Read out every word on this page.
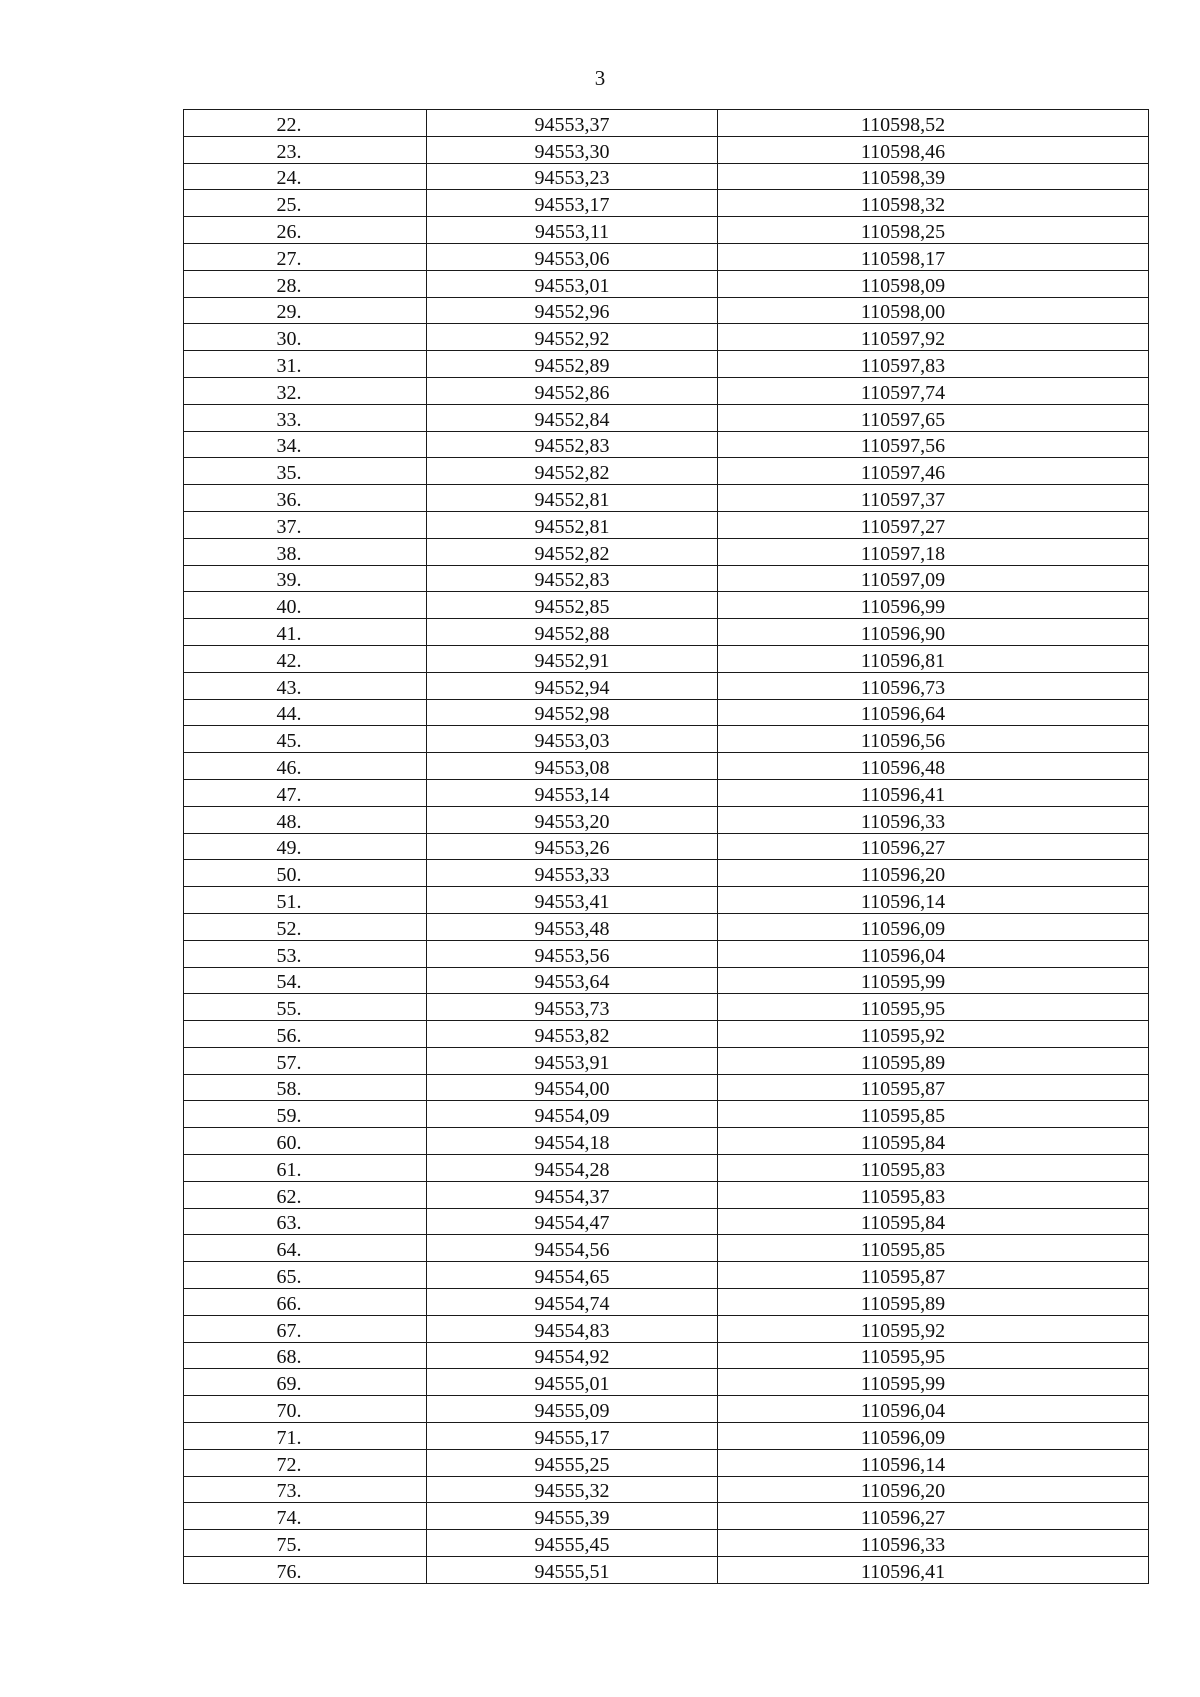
3
22.	94553,37	110598,52
23.	94553,30	110598,46
24.	94553,23	110598,39
25.	94553,17	110598,32
26.	94553,11	110598,25
27.	94553,06	110598,17
28.	94553,01	110598,09
29.	94552,96	110598,00
30.	94552,92	110597,92
31.	94552,89	110597,83
32.	94552,86	110597,74
33.	94552,84	110597,65
34.	94552,83	110597,56
35.	94552,82	110597,46
36.	94552,81	110597,37
37.	94552,81	110597,27
38.	94552,82	110597,18
39.	94552,83	110597,09
40.	94552,85	110596,99
41.	94552,88	110596,90
42.	94552,91	110596,81
43.	94552,94	110596,73
44.	94552,98	110596,64
45.	94553,03	110596,56
46.	94553,08	110596,48
47.	94553,14	110596,41
48.	94553,20	110596,33
49.	94553,26	110596,27
50.	94553,33	110596,20
51.	94553,41	110596,14
52.	94553,48	110596,09
53.	94553,56	110596,04
54.	94553,64	110595,99
55.	94553,73	110595,95
56.	94553,82	110595,92
57.	94553,91	110595,89
58.	94554,00	110595,87
59.	94554,09	110595,85
60.	94554,18	110595,84
61.	94554,28	110595,83
62.	94554,37	110595,83
63.	94554,47	110595,84
64.	94554,56	110595,85
65.	94554,65	110595,87
66.	94554,74	110595,89
67.	94554,83	110595,92
68.	94554,92	110595,95
69.	94555,01	110595,99
70.	94555,09	110596,04
71.	94555,17	110596,09
72.	94555,25	110596,14
73.	94555,32	110596,20
74.	94555,39	110596,27
75.	94555,45	110596,33
76.	94555,51	110596,41
